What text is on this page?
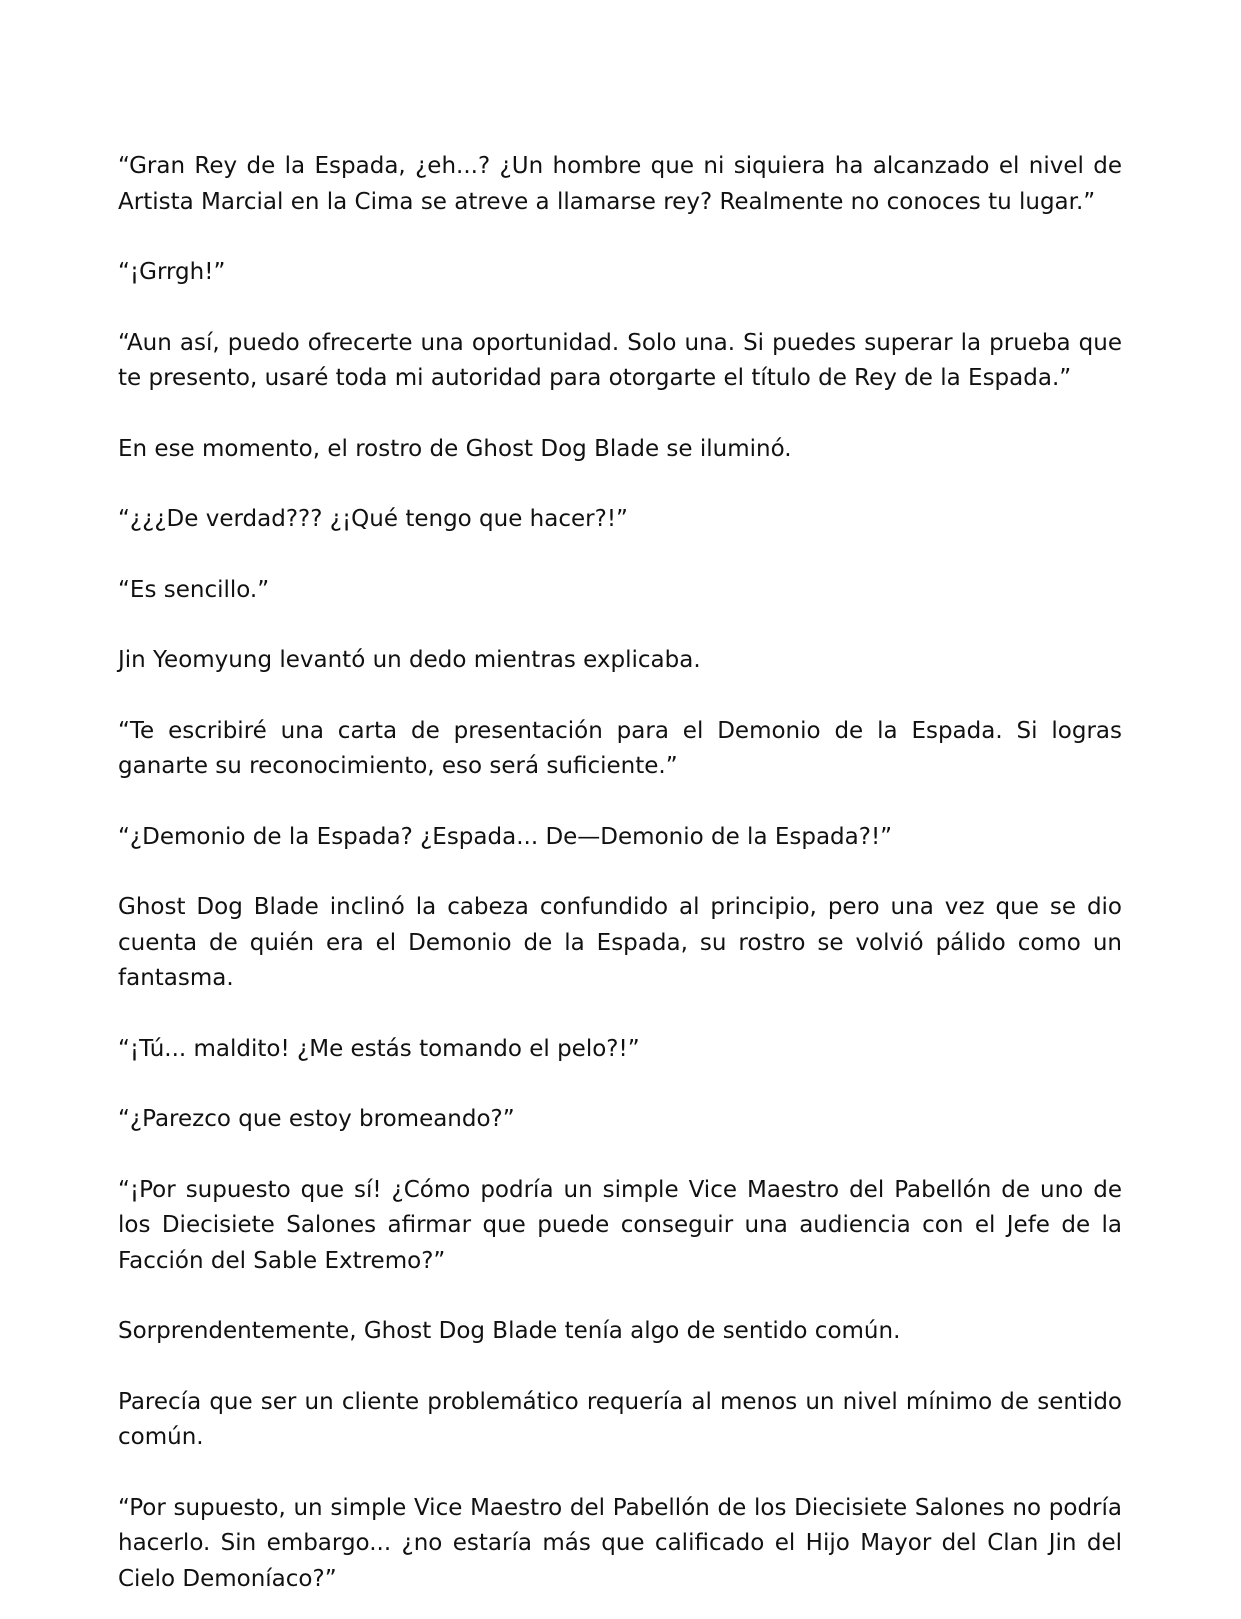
“Gran Rey de la Espada, ¿eh...? ¿Un hombre que ni siquiera ha alcanzado el nivel de Artista Marcial en la Cima se atreve a llamarse rey? Realmente no conoces tu lugar.”

“¡Grrgh!”

“Aun así, puedo ofrecerte una oportunidad. Solo una. Si puedes superar la prueba que te presento, usaré toda mi autoridad para otorgarte el título de Rey de la Espada.”

En ese momento, el rostro de Ghost Dog Blade se iluminó.

“¿¿¿De verdad??? ¿¡Qué tengo que hacer?!”

“Es sencillo.”

Jin Yeomyung levantó un dedo mientras explicaba.

“Te escribiré una carta de presentación para el Demonio de la Espada. Si logras ganarte su reconocimiento, eso será suficiente.”

“¿Demonio de la Espada? ¿Espada... De—Demonio de la Espada?!”

Ghost Dog Blade inclinó la cabeza confundido al principio, pero una vez que se dio cuenta de quién era el Demonio de la Espada, su rostro se volvió pálido como un fantasma.

“¡Tú... maldito! ¿Me estás tomando el pelo?!”

“¿Parezco que estoy bromeando?”

“¡Por supuesto que sí! ¿Cómo podría un simple Vice Maestro del Pabellón de uno de los Diecisiete Salones afirmar que puede conseguir una audiencia con el Jefe de la Facción del Sable Extremo?”

Sorprendentemente, Ghost Dog Blade tenía algo de sentido común.

Parecía que ser un cliente problemático requería al menos un nivel mínimo de sentido común.

“Por supuesto, un simple Vice Maestro del Pabellón de los Diecisiete Salones no podría hacerlo. Sin embargo... ¿no estaría más que calificado el Hijo Mayor del Clan Jin del Cielo Demoníaco?”
